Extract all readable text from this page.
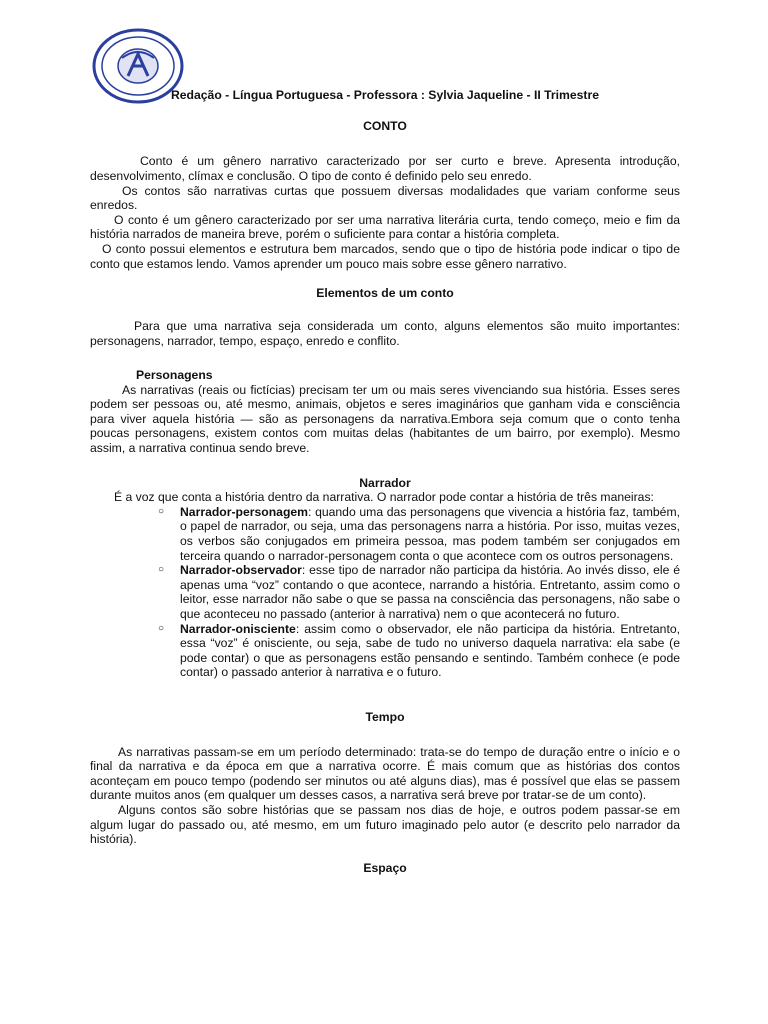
Redação - Língua Portuguesa - Professora : Sylvia Jaqueline - II Trimestre
CONTO

Conto é um gênero narrativo caracterizado por ser curto e breve. Apresenta introdução, desenvolvimento, clímax e conclusão. O tipo de conto é definido pelo seu enredo.

Os contos são narrativas curtas que possuem diversas modalidades que variam conforme seus enredos.

O conto é um gênero caracterizado por ser uma narrativa literária curta, tendo começo, meio e fim da história narrados de maneira breve, porém o suficiente para contar a história completa.

O conto possui elementos e estrutura bem marcados, sendo que o tipo de história pode indicar o tipo de conto que estamos lendo. Vamos aprender um pouco mais sobre esse gênero narrativo.

Elementos de um conto

Para que uma narrativa seja considerada um conto, alguns elementos são muito importantes: personagens, narrador, tempo, espaço, enredo e conflito.

Personagens

As narrativas (reais ou fictícias) precisam ter um ou mais seres vivenciando sua história. Esses seres podem ser pessoas ou, até mesmo, animais, objetos e seres imaginários que ganham vida e consciência para viver aquela história — são as personagens da narrativa.Embora seja comum que o conto tenha poucas personagens, existem contos com muitas delas (habitantes de um bairro, por exemplo). Mesmo assim, a narrativa continua sendo breve.

Narrador

É a voz que conta a história dentro da narrativa. O narrador pode contar a história de três maneiras:

○ Narrador-personagem: quando uma das personagens que vivencia a história faz, também, o papel de narrador, ou seja, uma das personagens narra a história. Por isso, muitas vezes, os verbos são conjugados em primeira pessoa, mas podem também ser conjugados em terceira quando o narrador-personagem conta o que acontece com os outros personagens.
○ Narrador-observador: esse tipo de narrador não participa da história. Ao invés disso, ele é apenas uma “voz” contando o que acontece, narrando a história. Entretanto, assim como o leitor, esse narrador não sabe o que se passa na consciência das personagens, não sabe o que aconteceu no passado (anterior à narrativa) nem o que acontecerá no futuro.
○ Narrador-onisciente: assim como o observador, ele não participa da história. Entretanto, essa “voz” é onisciente, ou seja, sabe de tudo no universo daquela narrativa: ela sabe (e pode contar) o que as personagens estão pensando e sentindo. Também conhece (e pode contar) o passado anterior à narrativa e o futuro.
Tempo

As narrativas passam-se em um período determinado: trata-se do tempo de duração entre o início e o final da narrativa e da época em que a narrativa ocorre. É mais comum que as histórias dos contos aconteçam em pouco tempo (podendo ser minutos ou até alguns dias), mas é possível que elas se passem durante muitos anos (em qualquer um desses casos, a narrativa será breve por tratar-se de um conto).

Alguns contos são sobre histórias que se passam nos dias de hoje, e outros podem passar-se em algum lugar do passado ou, até mesmo, em um futuro imaginado pelo autor (e descrito pelo narrador da história).

Espaço
